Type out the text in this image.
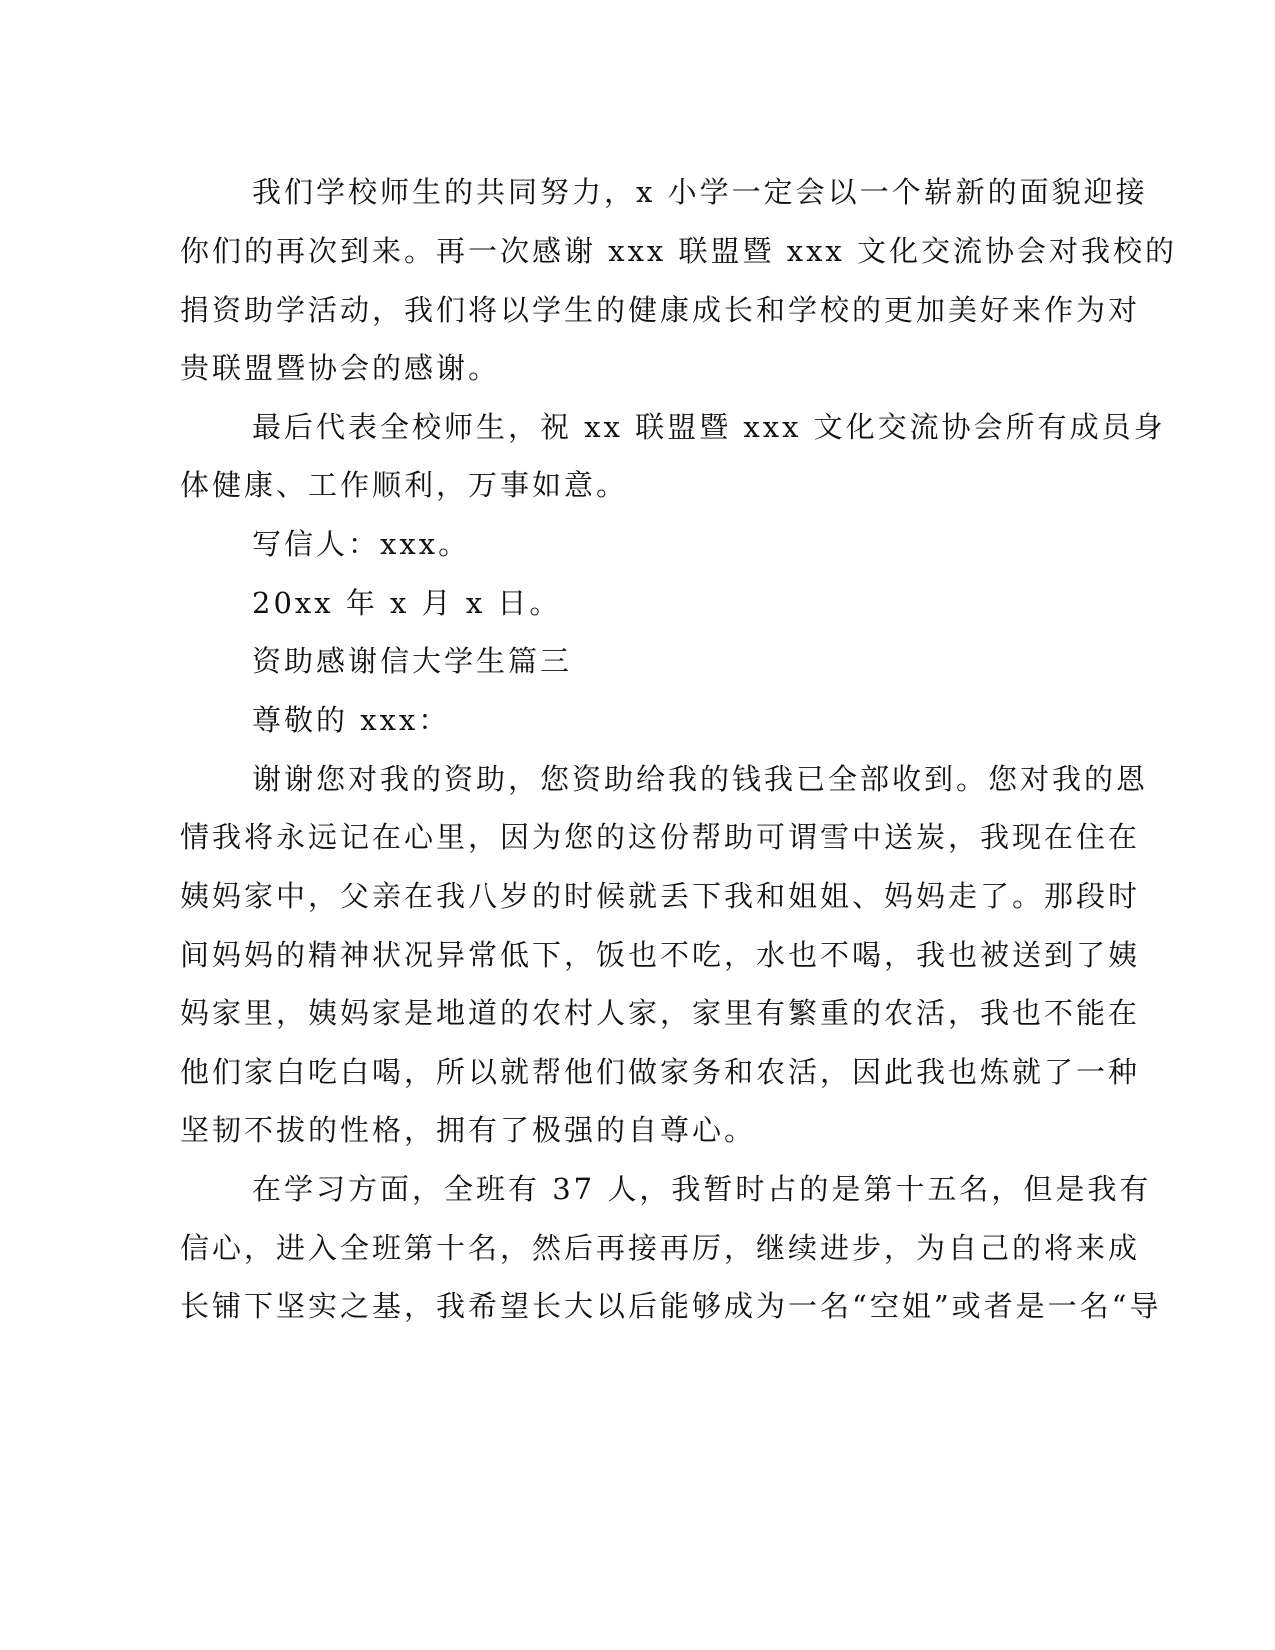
我们学校师生的共同努力，x 小学一定会以一个崭新的面貌迎接
你们的再次到来。再一次感谢 xxx 联盟暨 xxx 文化交流协会对我校的
捐资助学活动，我们将以学生的健康成长和学校的更加美好来作为对
贵联盟暨协会的感谢。
最后代表全校师生，祝 xx 联盟暨 xxx 文化交流协会所有成员身
体健康、工作顺利，万事如意。
写信人：xxx。
20xx 年 x 月 x 日。
资助感谢信大学生篇三
尊敬的 xxx：
谢谢您对我的资助，您资助给我的钱我已全部收到。您对我的恩
情我将永远记在心里，因为您的这份帮助可谓雪中送炭，我现在住在
姨妈家中，父亲在我八岁的时候就丢下我和姐姐、妈妈走了。那段时
间妈妈的精神状况异常低下，饭也不吃，水也不喝，我也被送到了姨
妈家里，姨妈家是地道的农村人家，家里有繁重的农活，我也不能在
他们家白吃白喝，所以就帮他们做家务和农活，因此我也炼就了一种
坚韧不拔的性格，拥有了极强的自尊心。
在学习方面，全班有 37 人，我暂时占的是第十五名，但是我有
信心，进入全班第十名，然后再接再厉，继续进步，为自己的将来成
长铺下坚实之基，我希望长大以后能够成为一名“空姐”或者是一名“导
